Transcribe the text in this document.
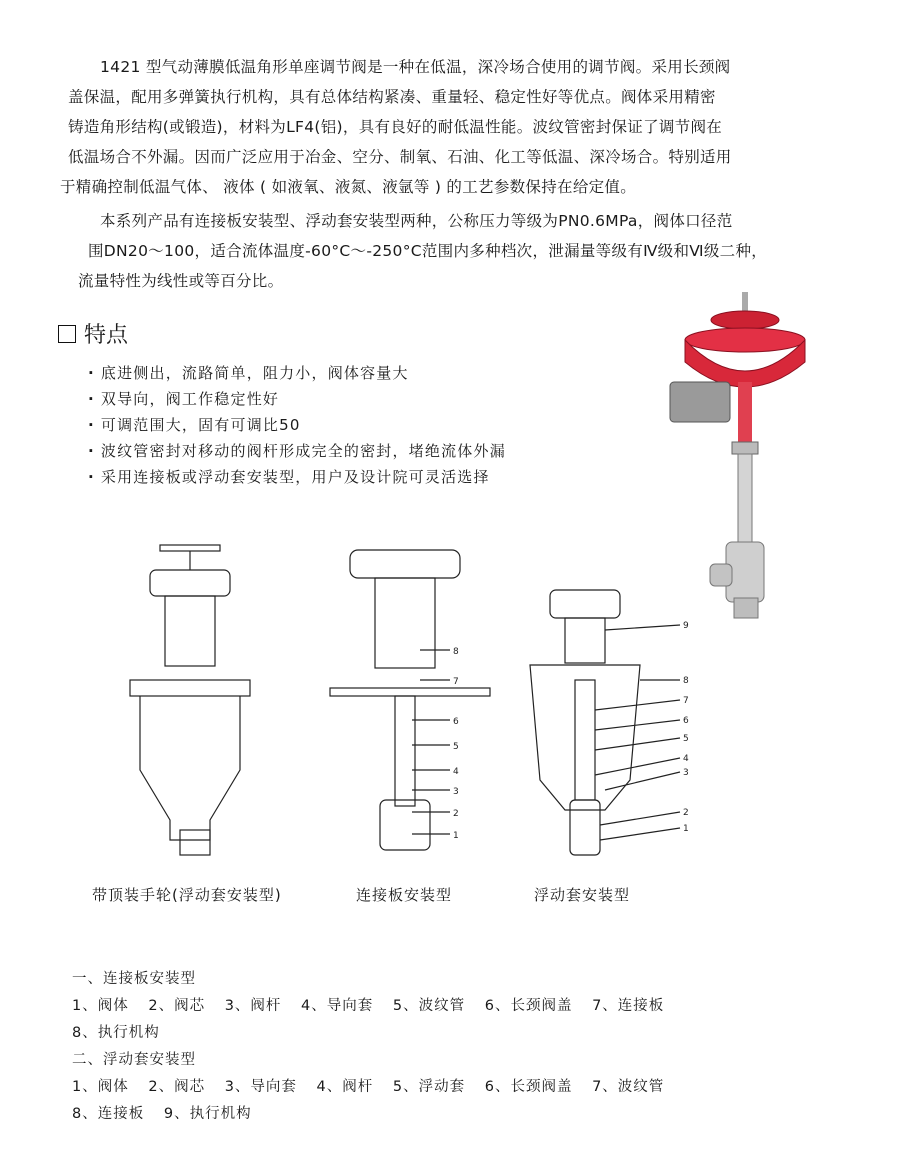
1421 型气动薄膜低温角形单座调节阀是一种在低温，深冷场合使用的调节阀。采用长颈阀

盖保温，配用多弹簧执行机构，具有总体结构紧凑、重量轻、稳定性好等优点。阀体采用精密

铸造角形结构(或锻造)，材料为LF4(铝)，具有良好的耐低温性能。波纹管密封保证了调节阀在

低温场合不外漏。因而广泛应用于冶金、空分、制氧、石油、化工等低温、深冷场合。特别适用

于精确控制低温气体、 液体 ( 如液氧、液氮、液氩等 ) 的工艺参数保持在给定值。

本系列产品有连接板安装型、浮动套安装型两种，公称压力等级为PN0.6MPa，阀体口径范

围DN20～100，适合流体温度-60°C～-250°C范围内多种档次，泄漏量等级有Ⅳ级和Ⅵ级二种，

流量特性为线性或等百分比。

特点
· 底进侧出，流路简单，阻力小，阀体容量大
· 双导向，阀工作稳定性好
· 可调范围大，固有可调比50
· 波纹管密封对移动的阀杆形成完全的密封，堵绝流体外漏
· 采用连接板或浮动套安装型，用户及设计院可灵活选择
8
7
6
5
4
3
2
1
9
8
7
6
5
4
3
2
1
带顶装手轮(浮动套安装型)	连接板安装型	浮动套安装型
一、连接板安装型
1、阀体 2、阀芯 3、阀杆 4、导向套 5、波纹管 6、长颈阀盖 7、连接板
8、执行机构
二、浮动套安装型
1、阀体 2、阀芯 3、导向套 4、阀杆 5、浮动套 6、长颈阀盖 7、波纹管
8、连接板 9、执行机构
